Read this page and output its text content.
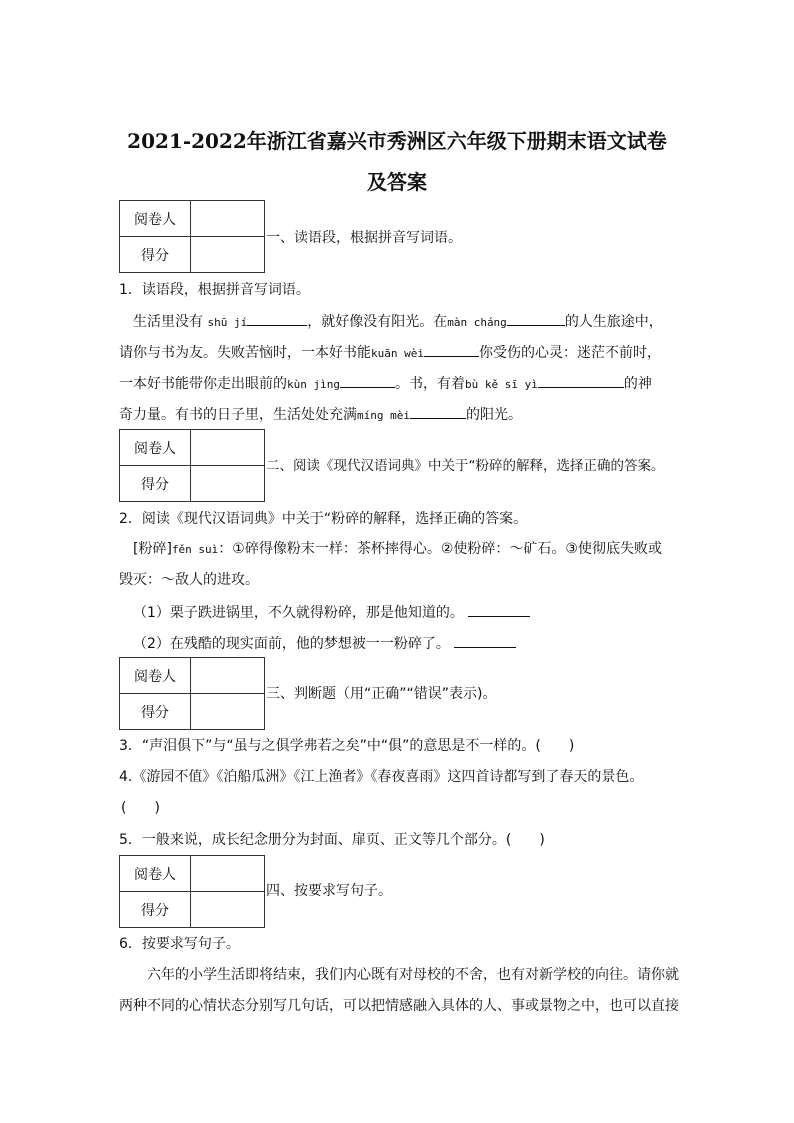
2021-2022年浙江省嘉兴市秀洲区六年级下册期末语文试卷
及答案
阅卷人	
得分	
一、读语段，根据拼音写词语。
1．读语段，根据拼音写词语。
生活里没有 shū jí	，就好像没有阳光。在màn cháng	的人生旅途中，
请你与书为友。失败苦恼时，一本好书能kuān wèi	你受伤的心灵：迷茫不前时，
一本好书能带你走出眼前的kùn jìng	。书，有着bù kě sī yì	的神
奇力量。有书的日子里，生活处处充满míng mèi	的阳光。
阅卷人	
得分	
二、阅读《现代汉语词典》中关于“粉碎的解释，选择正确的答案。
2．阅读《现代汉语词典》中关于“粉碎的解释，选择正确的答案。
[粉碎]fěn suì：①碎得像粉末一样：茶杯摔得心。②使粉碎：～矿石。③使彻底失败或
毁灭：～敌人的进攻。
（1）栗子跌进锅里，不久就得粉碎，那是他知道的。
（2）在残酷的现实面前，他的梦想被一一粉碎了。
阅卷人	
得分	
三、判断题（用“正确”“错误”表示)。
3．“声泪俱下”与“虽与之俱学弗若之矣”中“俱”的意思是不一样的。(　　)
4.《游园不值》《泊船瓜洲》《江上渔者》《春夜喜雨》这四首诗都写到了春天的景色。
(　　)
5．一般来说，成长纪念册分为封面、扉页、正文等几个部分。(　　)
阅卷人	
得分	
四、按要求写句子。
6．按要求写句子。
六年的小学生活即将结束，我们内心既有对母校的不舍，也有对新学校的向往。请你就
两种不同的心情状态分别写几句话，可以把情感融入具体的人、事或景物之中，也可以直接
